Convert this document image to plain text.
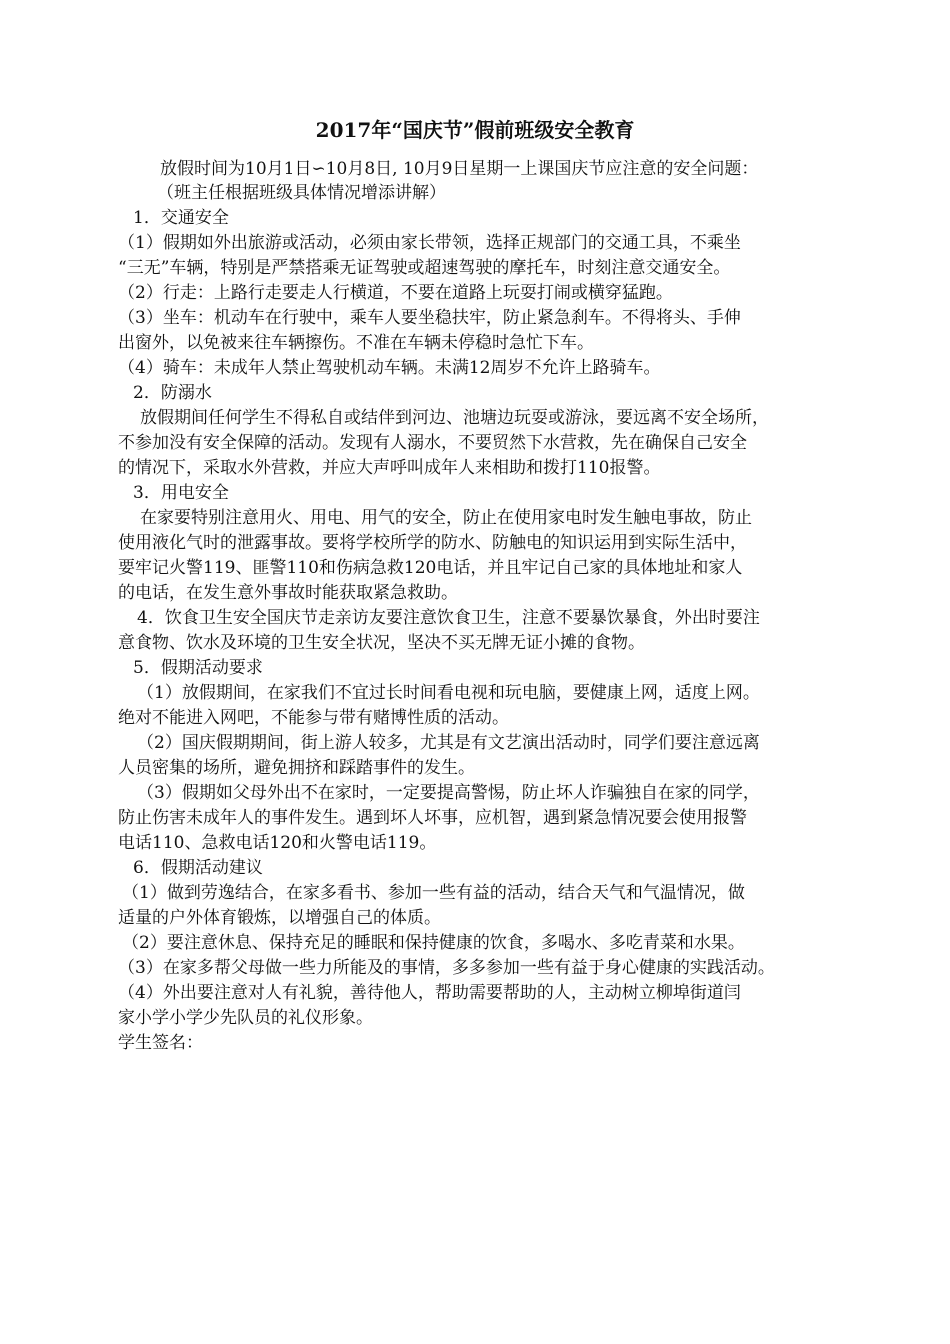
2017年“国庆节”假前班级安全教育
放假时间为10月1日∽10月8日, 10月9日星期一上课国庆节应注意的安全问题：
（班主任根据班级具体情况增添讲解）
1．交通安全
（1）假期如外出旅游或活动，必须由家长带领，选择正规部门的交通工具，不乘坐
“三无”车辆，特别是严禁搭乘无证驾驶或超速驾驶的摩托车，时刻注意交通安全。
（2）行走：上路行走要走人行横道，不要在道路上玩耍打闹或横穿猛跑。
（3）坐车：机动车在行驶中，乘车人要坐稳扶牢，防止紧急刹车。不得将头、手伸
出窗外，以免被来往车辆擦伤。不准在车辆未停稳时急忙下车。
（4）骑车：未成年人禁止驾驶机动车辆。未满12周岁不允许上路骑车。
2．防溺水
放假期间任何学生不得私自或结伴到河边、池塘边玩耍或游泳，要远离不安全场所，
不参加没有安全保障的活动。发现有人溺水，不要贸然下水营救，先在确保自己安全
的情况下，采取水外营救，并应大声呼叫成年人来相助和拨打110报警。
3．用电安全
在家要特别注意用火、用电、用气的安全，防止在使用家电时发生触电事故，防止
使用液化气时的泄露事故。要将学校所学的防水、防触电的知识运用到实际生活中，
要牢记火警119、匪警110和伤病急救120电话，并且牢记自己家的具体地址和家人
的电话，在发生意外事故时能获取紧急救助。
4．饮食卫生安全国庆节走亲访友要注意饮食卫生，注意不要暴饮暴食，外出时要注
意食物、饮水及环境的卫生安全状况，坚决不买无牌无证小摊的食物。
5．假期活动要求
（1）放假期间，在家我们不宜过长时间看电视和玩电脑，要健康上网，适度上网。
绝对不能进入网吧，不能参与带有赌博性质的活动。
（2）国庆假期期间，街上游人较多，尤其是有文艺演出活动时，同学们要注意远离
人员密集的场所，避免拥挤和踩踏事件的发生。
（3）假期如父母外出不在家时，一定要提高警惕，防止坏人诈骗独自在家的同学，
防止伤害未成年人的事件发生。遇到坏人坏事，应机智，遇到紧急情况要会使用报警
电话110、急救电话120和火警电话119。
6．假期活动建议
（1）做到劳逸结合，在家多看书、参加一些有益的活动，结合天气和气温情况，做
适量的户外体育锻炼，以增强自己的体质。
（2）要注意休息、保持充足的睡眠和保持健康的饮食，多喝水、多吃青菜和水果。
（3）在家多帮父母做一些力所能及的事情，多多参加一些有益于身心健康的实践活动。
（4）外出要注意对人有礼貌，善待他人，帮助需要帮助的人，主动树立柳埠街道闫
家小学小学少先队员的礼仪形象。
学生签名：
